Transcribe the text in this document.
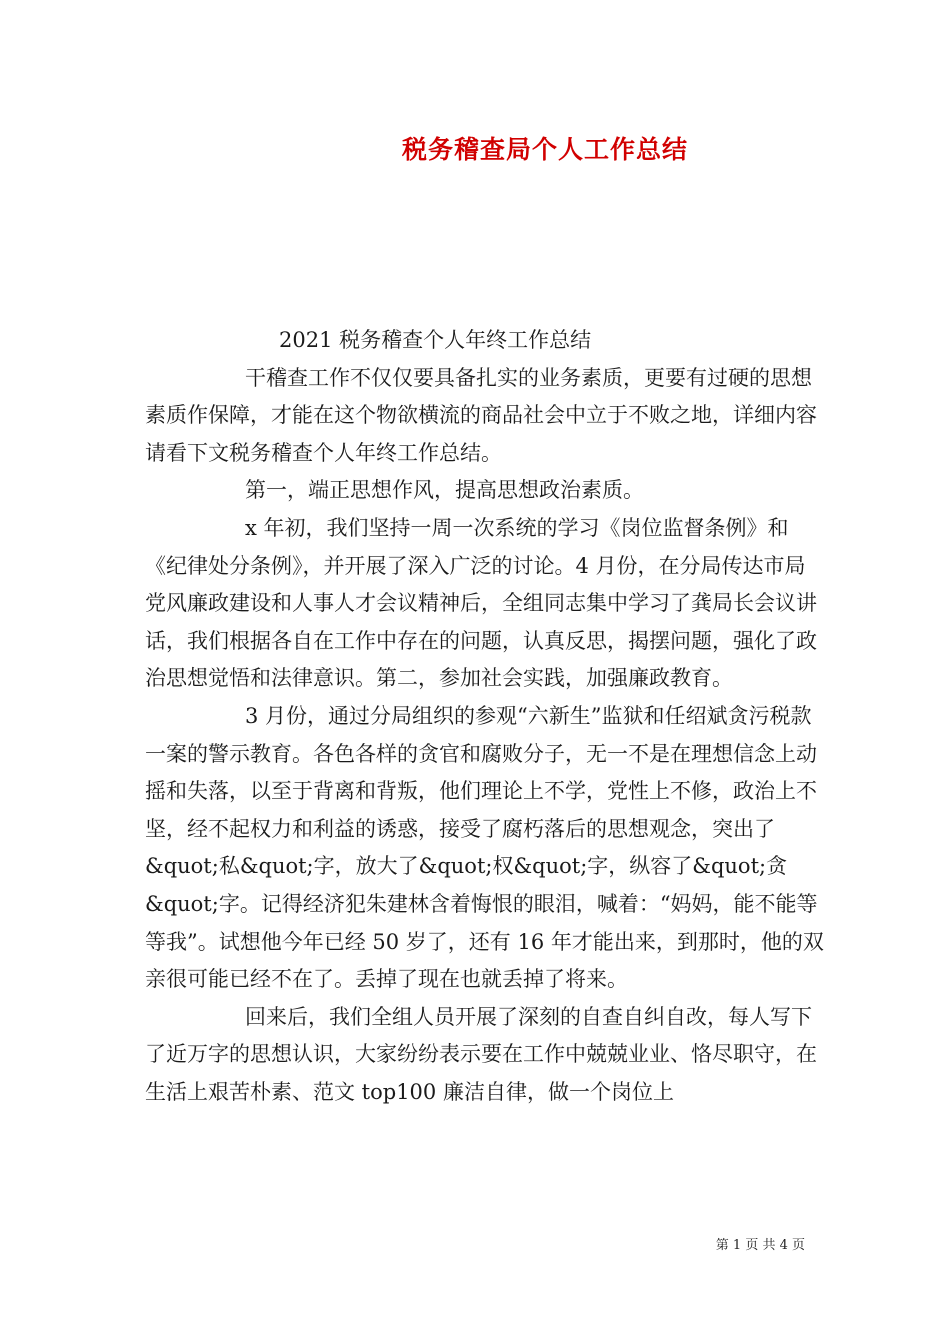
税务稽查局个人工作总结

2021 税务稽查个人年终工作总结

干稽查工作不仅仅要具备扎实的业务素质，更要有过硬的思想素质作保障，才能在这个物欲横流的商品社会中立于不败之地，详细内容请看下文税务稽查个人年终工作总结。

第一，端正思想作风，提高思想政治素质。

x 年初，我们坚持一周一次系统的学习《岗位监督条例》和《纪律处分条例》，并开展了深入广泛的讨论。4 月份，在分局传达市局党风廉政建设和人事人才会议精神后，全组同志集中学习了龚局长会议讲话，我们根据各自在工作中存在的问题，认真反思，揭摆问题，强化了政治思想觉悟和法律意识。第二，参加社会实践，加强廉政教育。

3 月份，通过分局组织的参观“六新生”监狱和任绍斌贪污税款一案的警示教育。各色各样的贪官和腐败分子，无一不是在理想信念上动摇和失落，以至于背离和背叛，他们理论上不学，党性上不修，政治上不坚，经不起权力和利益的诱惑，接受了腐朽落后的思想观念，突出了&quot;私&quot;字，放大了&quot;权&quot;字，纵容了&quot;贪&quot;字。记得经济犯朱建林含着悔恨的眼泪，喊着：“妈妈，能不能等等我”。试想他今年已经 50 岁了，还有 16 年才能出来，到那时，他的双亲很可能已经不在了。丢掉了现在也就丢掉了将来。

回来后，我们全组人员开展了深刻的自查自纠自改，每人写下了近万字的思想认识，大家纷纷表示要在工作中兢兢业业、恪尽职守，在生活上艰苦朴素、范文 top100 廉洁自律，做一个岗位上

第 1 页 共 4 页
